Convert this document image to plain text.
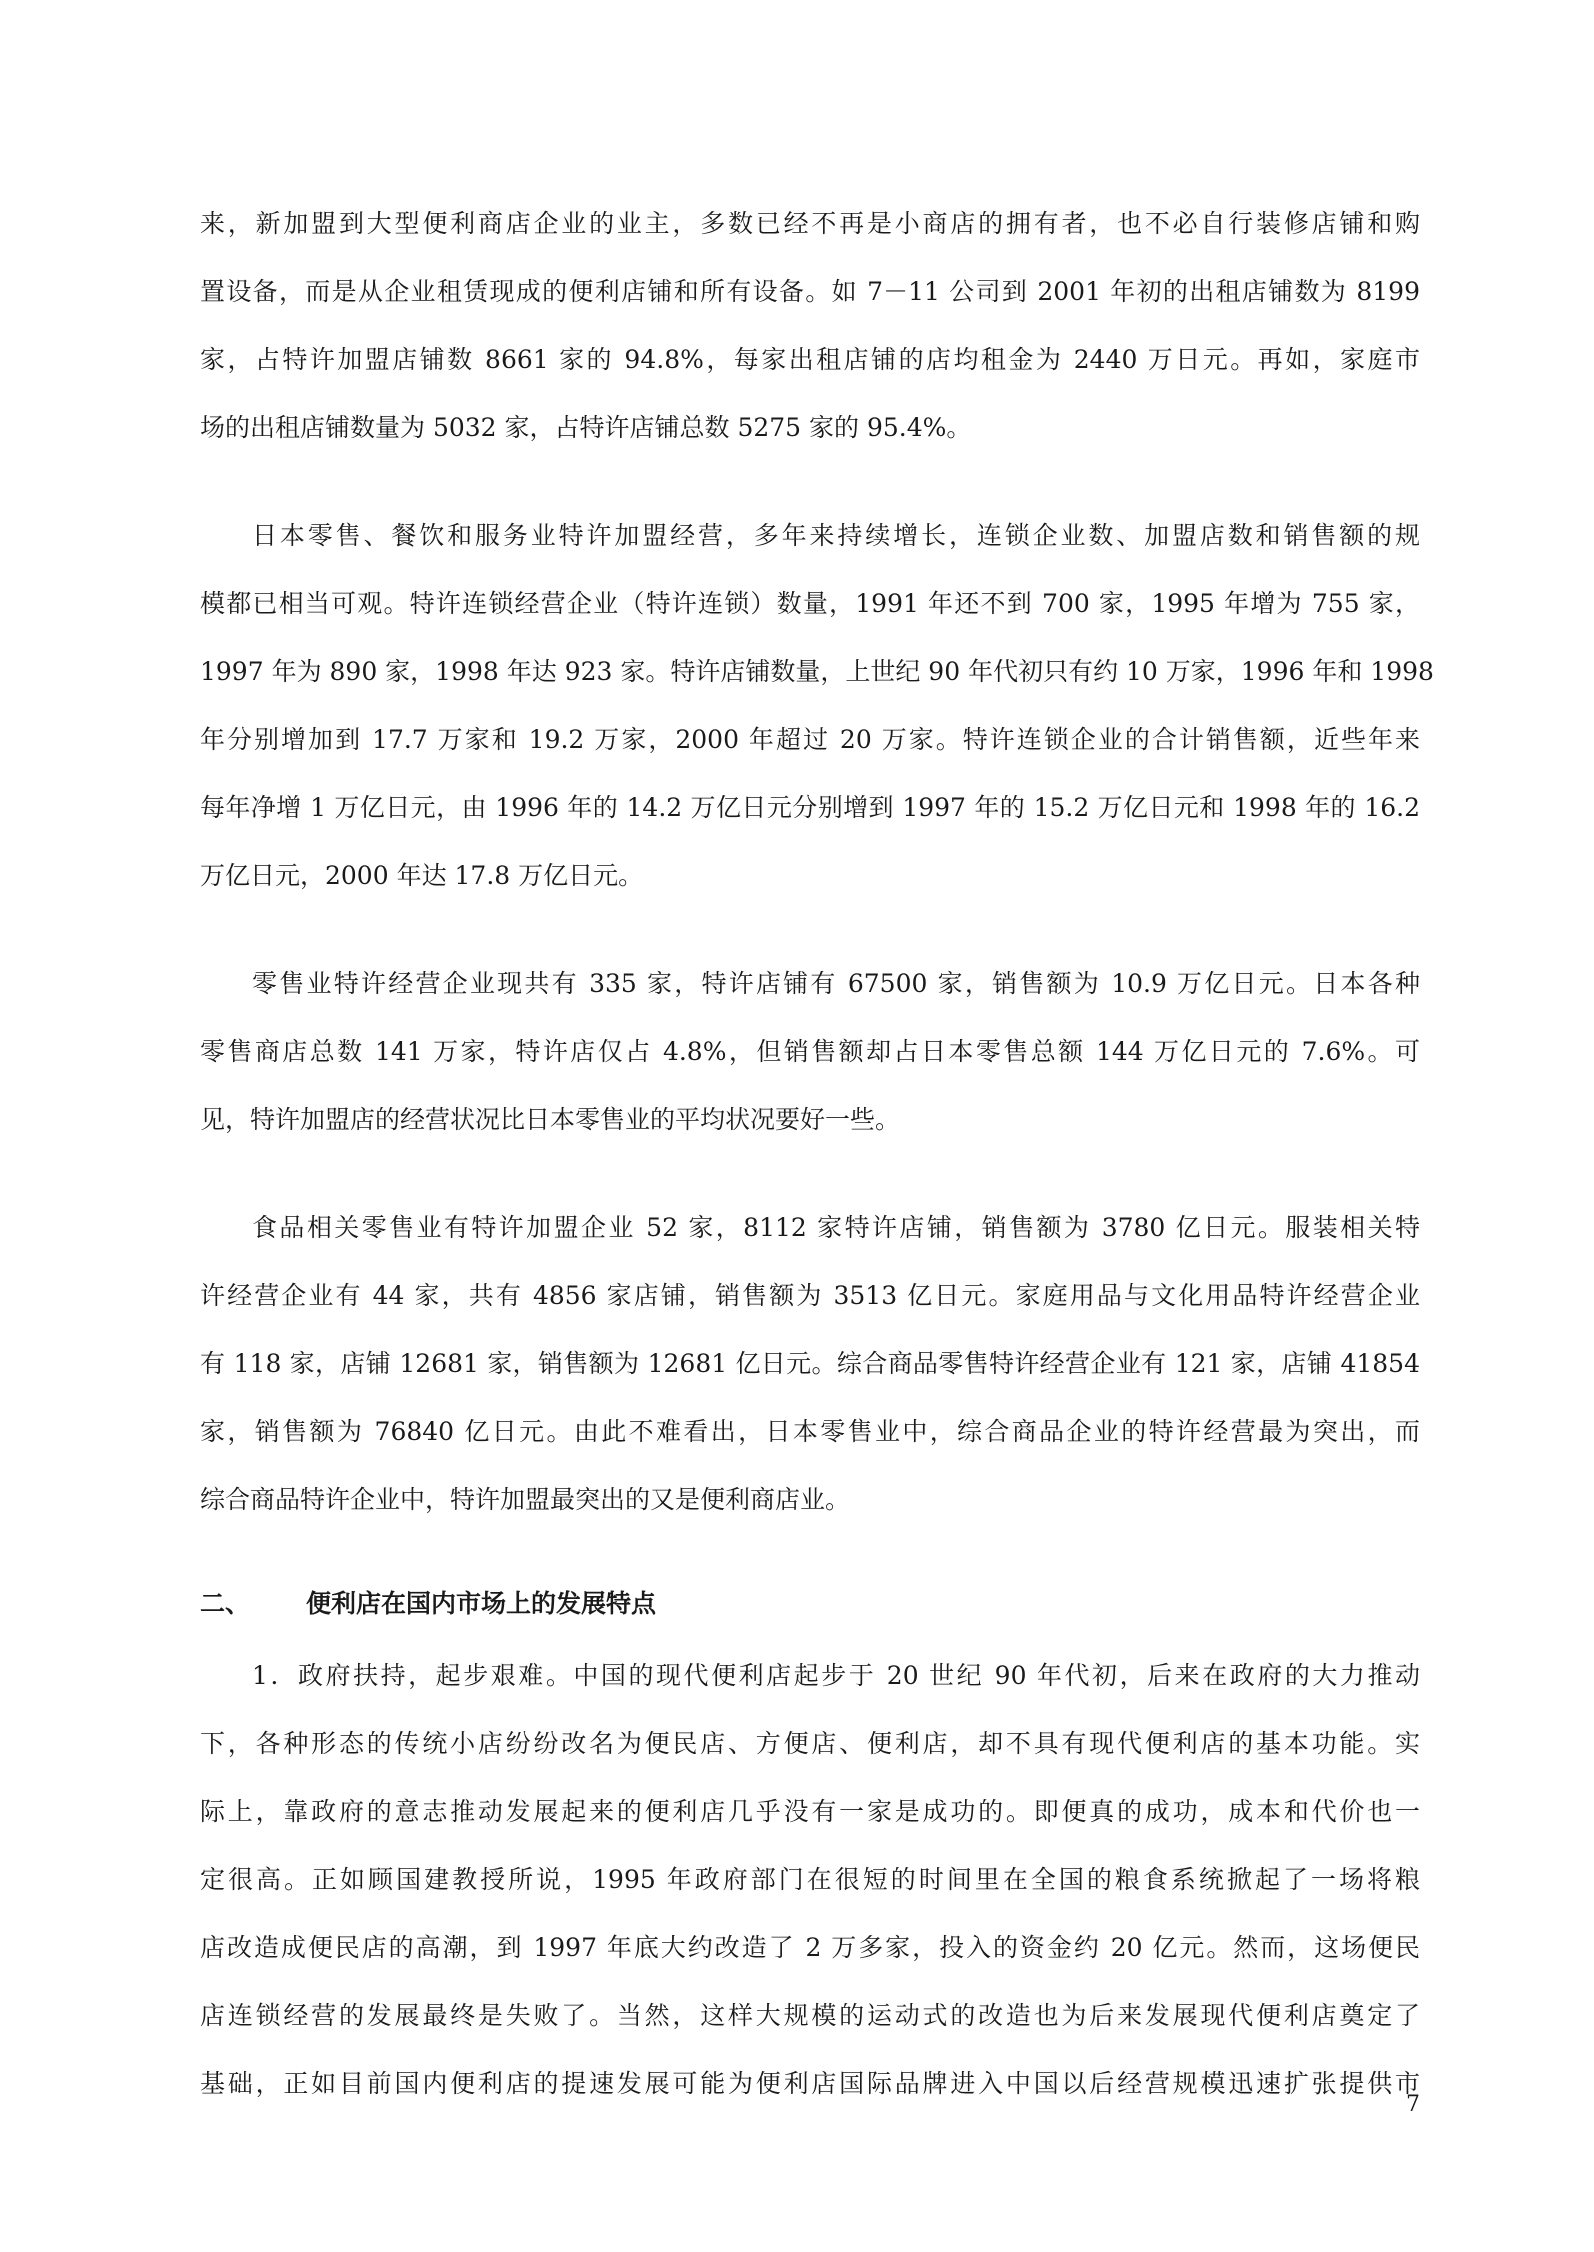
来，新加盟到大型便利商店企业的业主，多数已经不再是小商店的拥有者，也不必自行装修店铺和购
置设备，而是从企业租赁现成的便利店铺和所有设备。如 7－11 公司到 2001 年初的出租店铺数为 8199
家，占特许加盟店铺数 8661 家的 94.8%，每家出租店铺的店均租金为 2440 万日元。再如，家庭市
场的出租店铺数量为 5032 家，占特许店铺总数 5275 家的 95.4%。
日本零售、餐饮和服务业特许加盟经营，多年来持续增长，连锁企业数、加盟店数和销售额的规
模都已相当可观。特许连锁经营企业（特许连锁）数量，1991 年还不到 700 家，1995 年增为 755 家，
1997 年为 890 家，1998 年达 923 家。特许店铺数量，上世纪 90 年代初只有约 10 万家，1996 年和 1998
年分别增加到 17.7 万家和 19.2 万家，2000 年超过 20 万家。特许连锁企业的合计销售额，近些年来
每年净增 1 万亿日元，由 1996 年的 14.2 万亿日元分别增到 1997 年的 15.2 万亿日元和 1998 年的 16.2
万亿日元，2000 年达 17.8 万亿日元。
零售业特许经营企业现共有 335 家，特许店铺有 67500 家，销售额为 10.9 万亿日元。日本各种
零售商店总数 141 万家，特许店仅占 4.8%，但销售额却占日本零售总额 144 万亿日元的 7.6%。可
见，特许加盟店的经营状况比日本零售业的平均状况要好一些。
食品相关零售业有特许加盟企业 52 家，8112 家特许店铺，销售额为 3780 亿日元。服装相关特
许经营企业有 44 家，共有 4856 家店铺，销售额为 3513 亿日元。家庭用品与文化用品特许经营企业
有 118 家，店铺 12681 家，销售额为 12681 亿日元。综合商品零售特许经营企业有 121 家，店铺 41854
家，销售额为 76840 亿日元。由此不难看出，日本零售业中，综合商品企业的特许经营最为突出，而
综合商品特许企业中，特许加盟最突出的又是便利商店业。
二、 便利店在国内市场上的发展特点
1．政府扶持，起步艰难。中国的现代便利店起步于 20 世纪 90 年代初，后来在政府的大力推动
下，各种形态的传统小店纷纷改名为便民店、方便店、便利店，却不具有现代便利店的基本功能。实
际上，靠政府的意志推动发展起来的便利店几乎没有一家是成功的。即便真的成功，成本和代价也一
定很高。正如顾国建教授所说，1995 年政府部门在很短的时间里在全国的粮食系统掀起了一场将粮
店改造成便民店的高潮，到 1997 年底大约改造了 2 万多家，投入的资金约 20 亿元。然而，这场便民
店连锁经营的发展最终是失败了。当然，这样大规模的运动式的改造也为后来发展现代便利店奠定了
基础，正如目前国内便利店的提速发展可能为便利店国际品牌进入中国以后经营规模迅速扩张提供市
7
